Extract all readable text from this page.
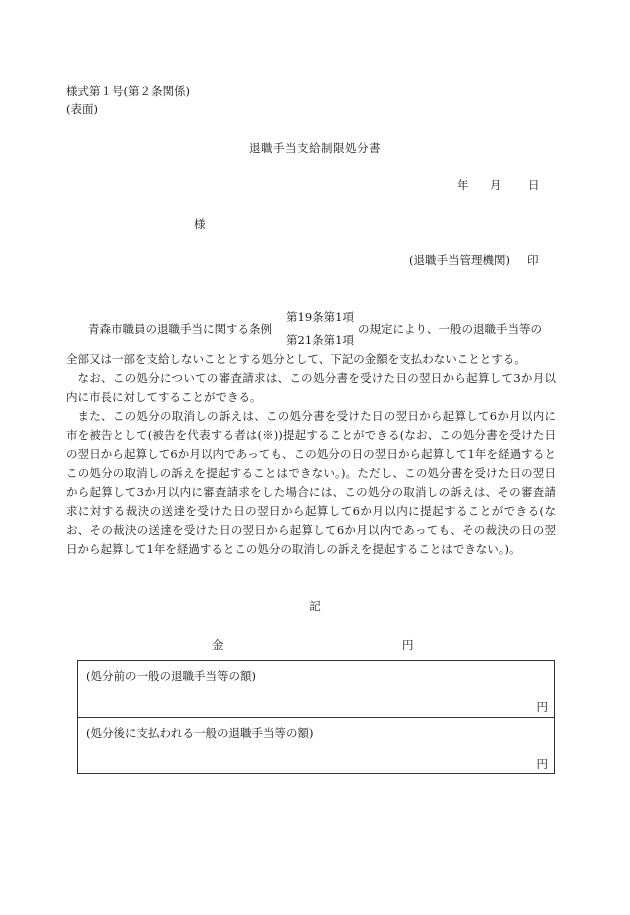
様式第１号(第２条関係)
(表面)
退職手当支給制限処分書
年 月 日
様
(退職手当管理機関) 印
青森市職員の退職手当に関する条例
第19条第1項
第21条第1項
の規定により、一般の退職手当等の

全部又は一部を支給しないこととする処分として、下記の金額を支払わないこととする。

なお、この処分についての審査請求は、この処分書を受けた日の翌日から起算して3か月以内に市長に対してすることができる。

また、この処分の取消しの訴えは、この処分書を受けた日の翌日から起算して6か月以内に市を被告として(被告を代表する者は(※))提起することができる(なお、この処分書を受けた日の翌日から起算して6か月以内であっても、この処分の日の翌日から起算して1年を経過するとこの処分の取消しの訴えを提起することはできない。)。ただし、この処分書を受けた日の翌日から起算して3か月以内に審査請求をした場合には、この処分の取消しの訴えは、その審査請求に対する裁決の送達を受けた日の翌日から起算して6か月以内に提起することができる(なお、その裁決の送達を受けた日の翌日から起算して6か月以内であっても、その裁決の日の翌日から起算して1年を経過するとこの処分の取消しの訴えを提起することはできない。)。

記
金	円
(処分前の一般の退職手当等の額)
円
(処分後に支払われる一般の退職手当等の額)
円
